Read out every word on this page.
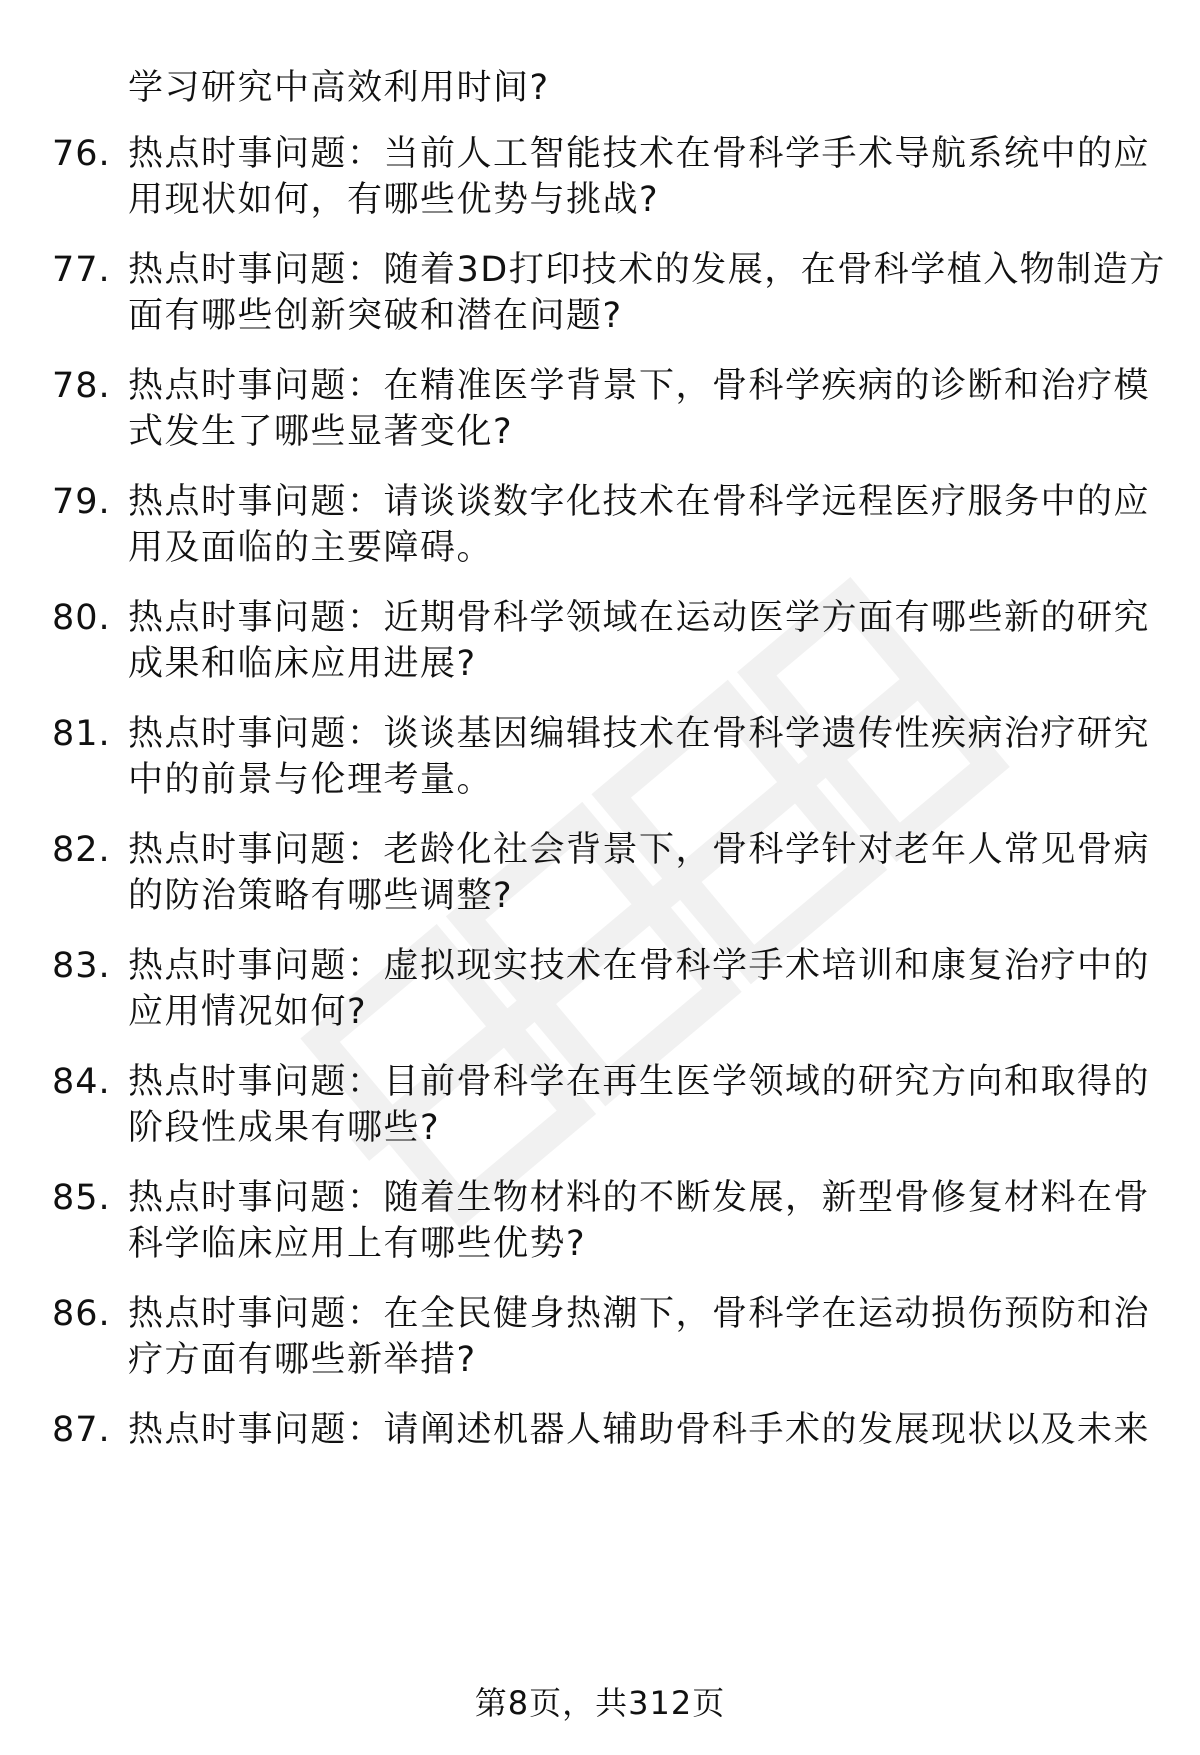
学习研究中高效利用时间?
76. 热点时事问题：当前人工智能技术在骨科学手术导航系统中的应
用现状如何，有哪些优势与挑战?
77. 热点时事问题：随着3D打印技术的发展，在骨科学植入物制造方
面有哪些创新突破和潜在问题?
78. 热点时事问题：在精准医学背景下，骨科学疾病的诊断和治疗模
式发生了哪些显著变化?
79. 热点时事问题：请谈谈数字化技术在骨科学远程医疗服务中的应
用及面临的主要障碍。
80. 热点时事问题：近期骨科学领域在运动医学方面有哪些新的研究
成果和临床应用进展?
81. 热点时事问题：谈谈基因编辑技术在骨科学遗传性疾病治疗研究
中的前景与伦理考量。
82. 热点时事问题：老龄化社会背景下，骨科学针对老年人常见骨病
的防治策略有哪些调整?
83. 热点时事问题：虚拟现实技术在骨科学手术培训和康复治疗中的
应用情况如何?
84. 热点时事问题：目前骨科学在再生医学领域的研究方向和取得的
阶段性成果有哪些?
85. 热点时事问题：随着生物材料的不断发展，新型骨修复材料在骨
科学临床应用上有哪些优势?
86. 热点时事问题：在全民健身热潮下，骨科学在运动损伤预防和治
疗方面有哪些新举措?
87. 热点时事问题：请阐述机器人辅助骨科手术的发展现状以及未来
第8页，共312页
